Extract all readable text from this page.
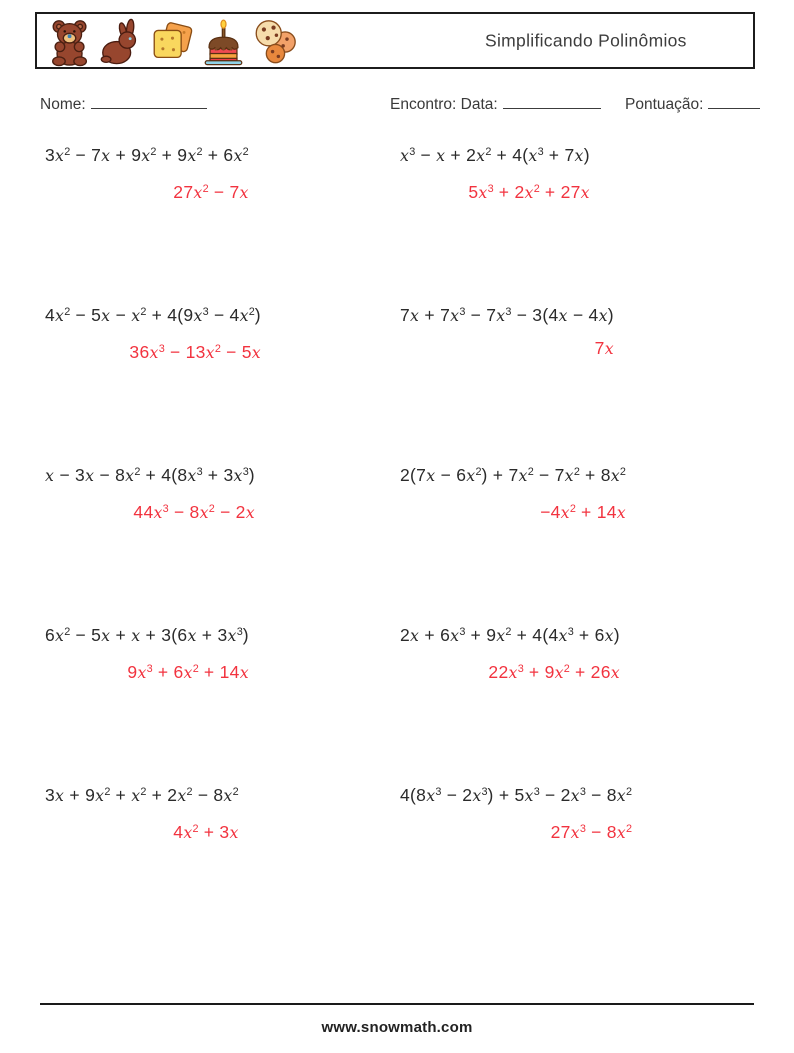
Simplificando Polinômios
Nome:	Encontro: Data:	Pontuação:
$3x^2 - 7x + 9x^2 + 9x^2 + 6x^2$
$27x^2 - 7x$
$x^3 - x + 2x^2 + 4(x^3 + 7x)$
$5x^3 + 2x^2 + 27x$
$4x^2 - 5x - x^2 + 4(9x^3 - 4x^2)$
$36x^3 - 13x^2 - 5x$
$7x + 7x^3 - 7x^3 - 3(4x - 4x)$
7x
$x - 3x - 8x^2 + 4(8x^3 + 3x^3)$
$44x^3 - 8x^2 - 2x$
$2(7x - 6x^2) + 7x^2 - 7x^2 + 8x^2$
$-4x^2 + 14x$
$6x^2 - 5x + x + 3(6x + 3x^3)$
$9x^3 + 6x^2 + 14x$
$2x + 6x^3 + 9x^2 + 4(4x^3 + 6x)$
$22x^3 + 9x^2 + 26x$
$3x + 9x^2 + x^2 + 2x^2 - 8x^2$
$4x^2 + 3x$
$4(8x^3 - 2x^3) + 5x^3 - 2x^3 - 8x^2$
$27x^3 - 8x^2$
www.snowmath.com
